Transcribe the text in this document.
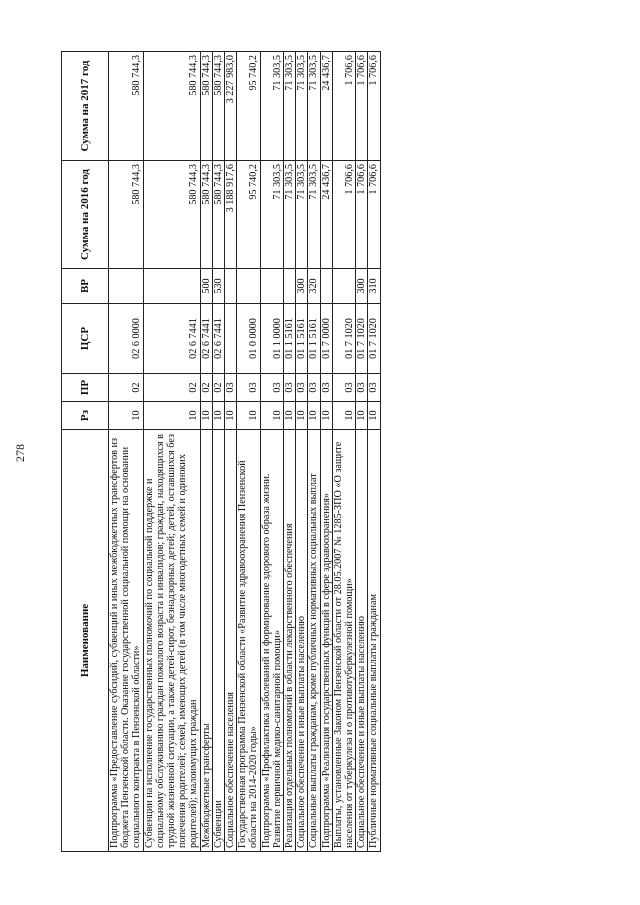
278
Наименование	Рз	ПР	ЦСР	ВР	Сумма на 2016 год	Сумма на 2017 год
Подпрограмма «Предоставление субсидий, субвенций и иных межбюджетных трансфертов из бюджета Пензенской области. Оказание государственной социальной помощи на основании социального контракта в Пензенской области»	10	02	02 6 0000		580 744,3	580 744,3
Субвенции на исполнение государственных полномочий по социальной поддержке и социальному обслуживанию граждан пожилого возраста и инвалидов; граждан, находящихся в трудной жизненной ситуации, а также детей-сирот, безнадзорных детей; детей, оставшихся без попечения родителей; семей, имеющих детей (в том числе многодетных семей и одиноких родителей); малоимущих граждан	10	02	02 6 7441		580 744,3	580 744,3
Межбюджетные трансферты	10	02	02 6 7441	500	580 744,3	580 744,3
Субвенции	10	02	02 6 7441	530	580 744,3	580 744,3
Социальное обеспечение населения	10	03			3 188 917,6	3 227 983,0
Государственная программа Пензенской области «Развитие здравоохранения Пензенской области на 2014-2020 годы»	10	03	01 0 0000		95 740,2	95 740,2
Подпрограмма «Профилактика заболеваний и формирование здорового образа жизни. Развитие первичной медико-санитарной помощи»	10	03	01 1 0000		71 303,5	71 303,5
Реализация отдельных полномочий в области лекарственного обеспечения	10	03	01 1 5161		71 303,5	71 303,5
Социальное обеспечение и иные выплаты населению	10	03	01 1 5161	300	71 303,5	71 303,5
Социальные выплаты гражданам, кроме публичных нормативных социальных выплат	10	03	01 1 5161	320	71 303,5	71 303,5
Подпрограмма «Реализация государственных функций в сфере здравоохранения»	10	03	01 7 0000		24 436,7	24 436,7
Выплаты, установленные Законом Пензенской области от 28.05.2007 № 1285-ЗПО «О защите населения от туберкулеза и о противотуберкулезной помощи»	10	03	01 7 1020		1 706,6	1 706,6
Социальное обеспечение и иные выплаты населению	10	03	01 7 1020	300	1 706,6	1 706,6
Публичные нормативные социальные выплаты гражданам	10	03	01 7 1020	310	1 706,6	1 706,6
